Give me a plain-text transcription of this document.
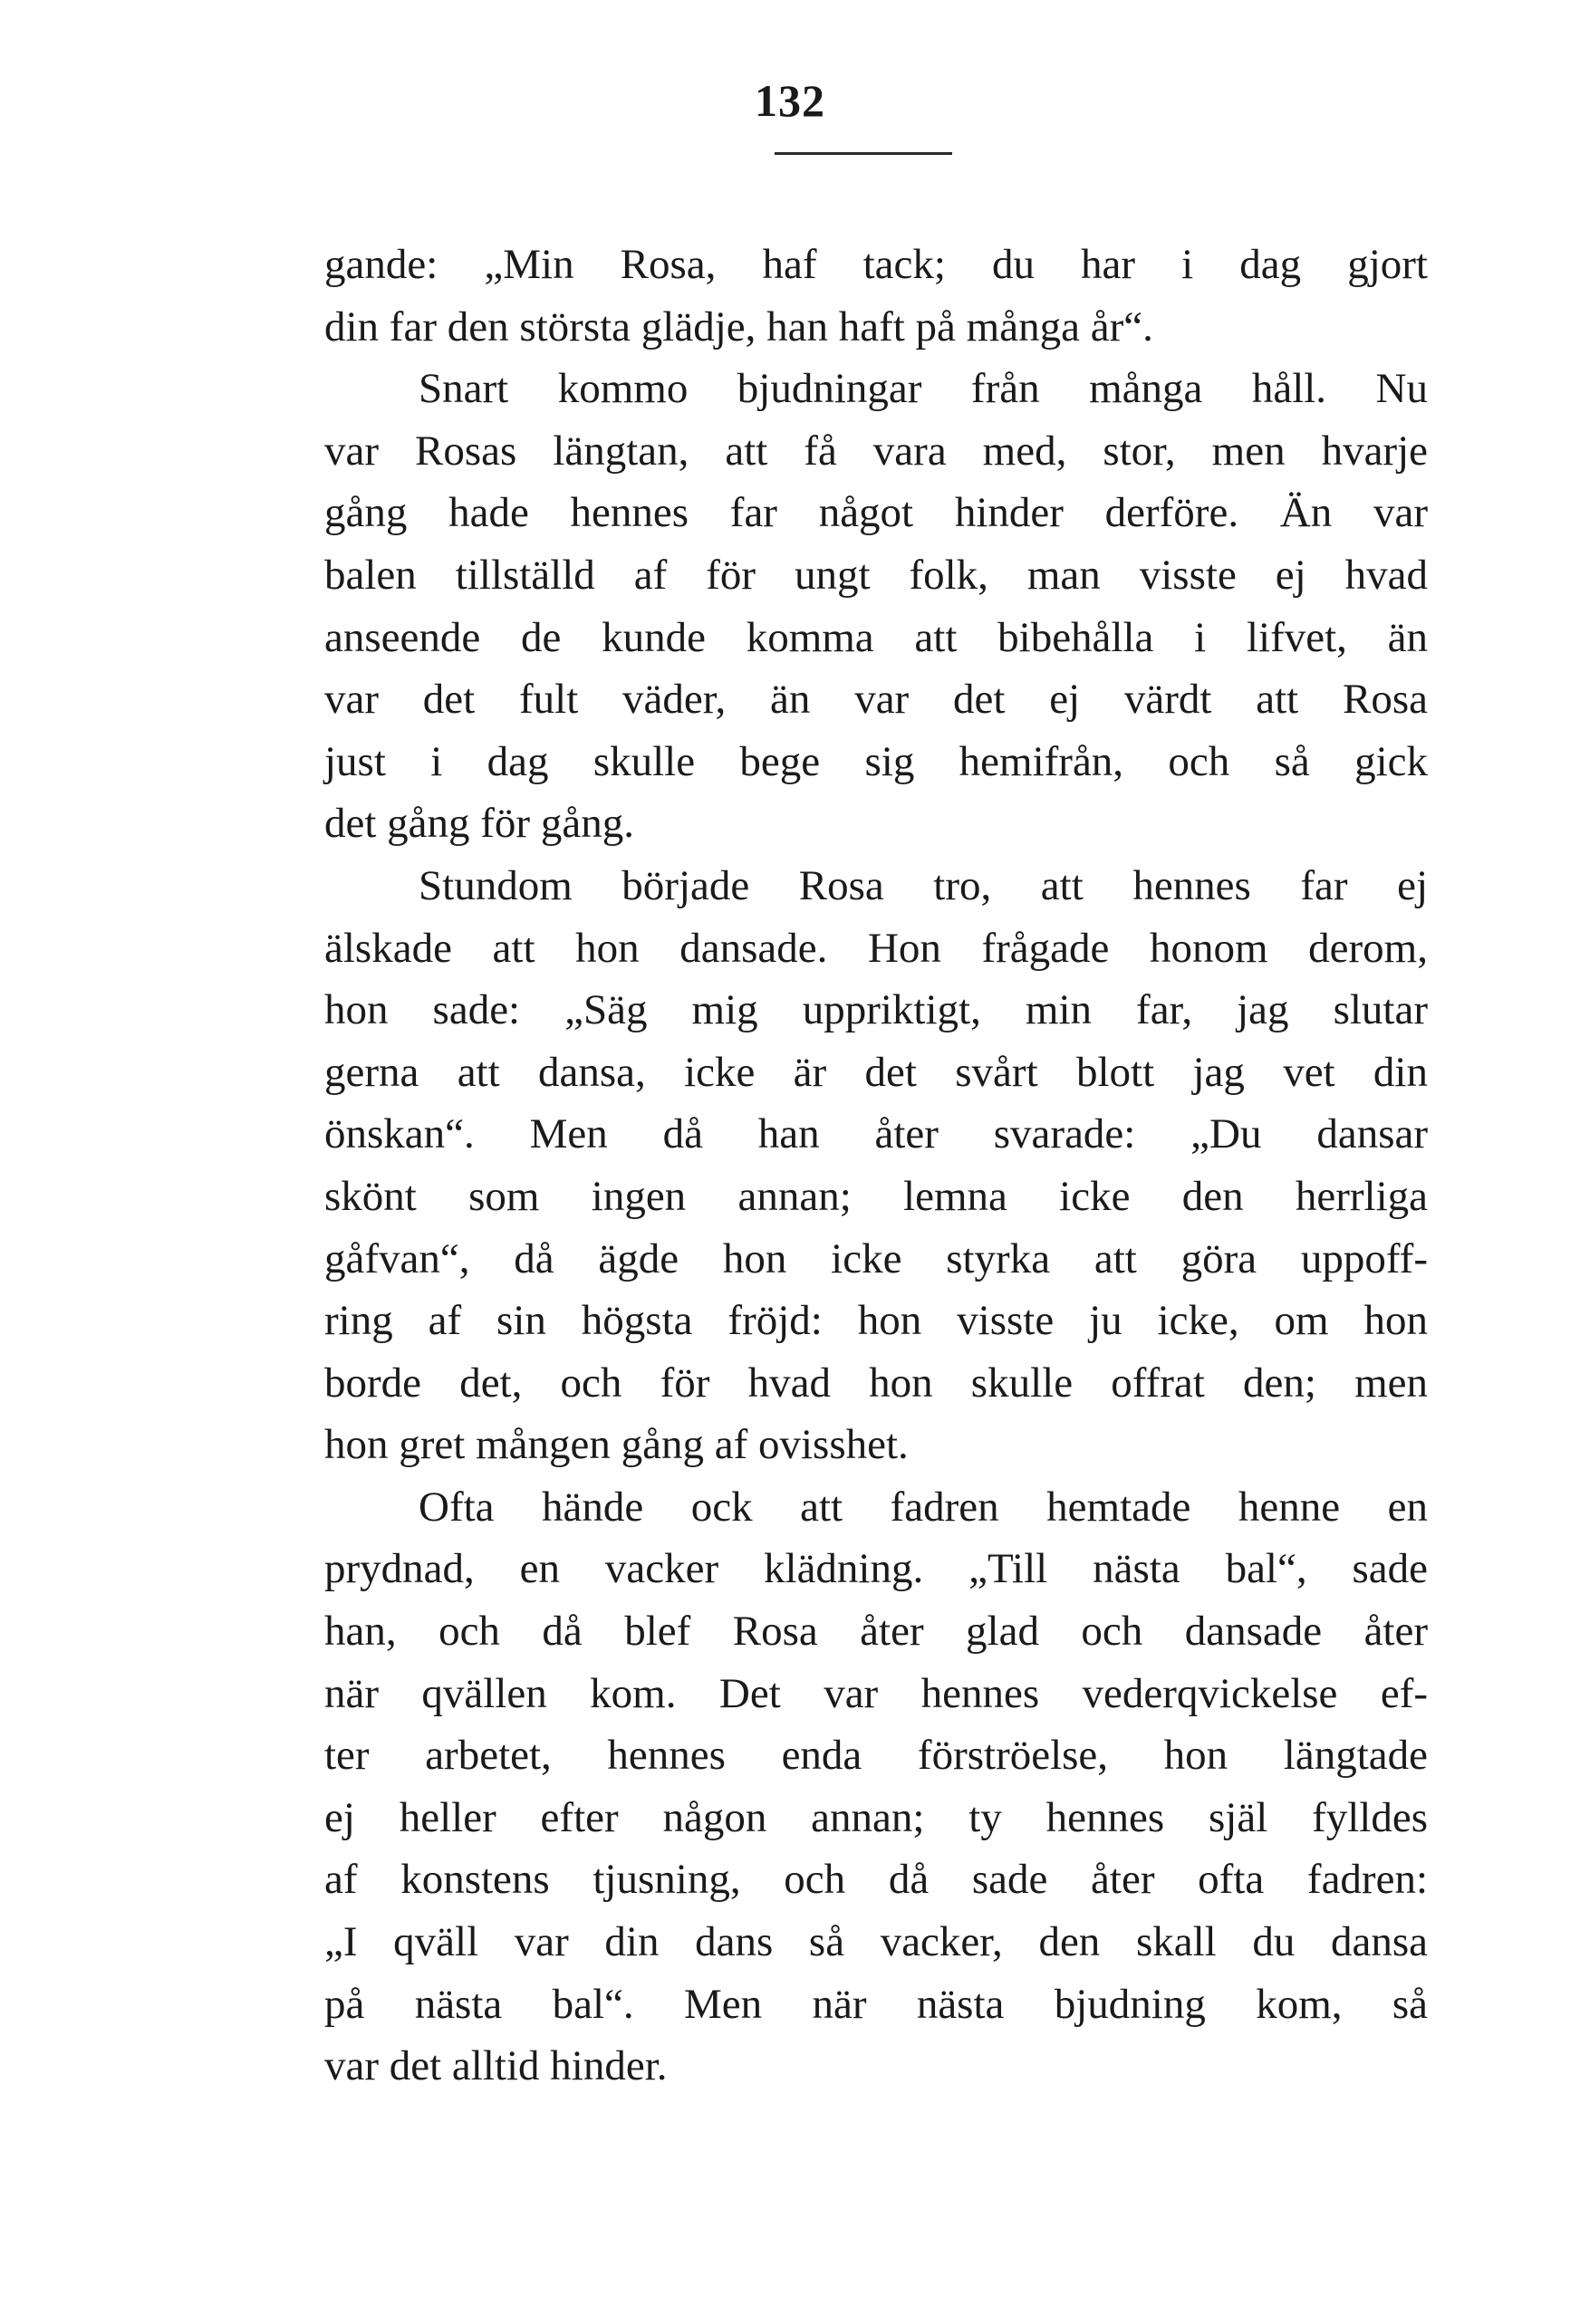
132
gande: „Min Rosa, haf tack; du har i dag gjort
din far den största glädje, han haft på många år“.
Snart kommo bjudningar från många håll. Nu
var Rosas längtan, att få vara med, stor, men hvarje
gång hade hennes far något hinder derföre. Än var
balen tillställd af för ungt folk, man visste ej hvad
anseende de kunde komma att bibehålla i lifvet, än
var det fult väder, än var det ej värdt att Rosa
just i dag skulle bege sig hemifrån, och så gick
det gång för gång.
Stundom började Rosa tro, att hennes far ej
älskade att hon dansade. Hon frågade honom derom,
hon sade: „Säg mig uppriktigt, min far, jag slutar
gerna att dansa, icke är det svårt blott jag vet din
önskan“. Men då han åter svarade: „Du dansar
skönt som ingen annan; lemna icke den herrliga
gåfvan“, då ägde hon icke styrka att göra uppoff-
ring af sin högsta fröjd: hon visste ju icke, om hon
borde det, och för hvad hon skulle offrat den; men
hon gret mången gång af ovisshet.
Ofta hände ock att fadren hemtade henne en
prydnad, en vacker klädning. „Till nästa bal“, sade
han, och då blef Rosa åter glad och dansade åter
när qvällen kom. Det var hennes vederqvickelse ef-
ter arbetet, hennes enda förströelse, hon längtade
ej heller efter någon annan; ty hennes själ fylldes
af konstens tjusning, och då sade åter ofta fadren:
„I qväll var din dans så vacker, den skall du dansa
på nästa bal“. Men när nästa bjudning kom, så
var det alltid hinder.
